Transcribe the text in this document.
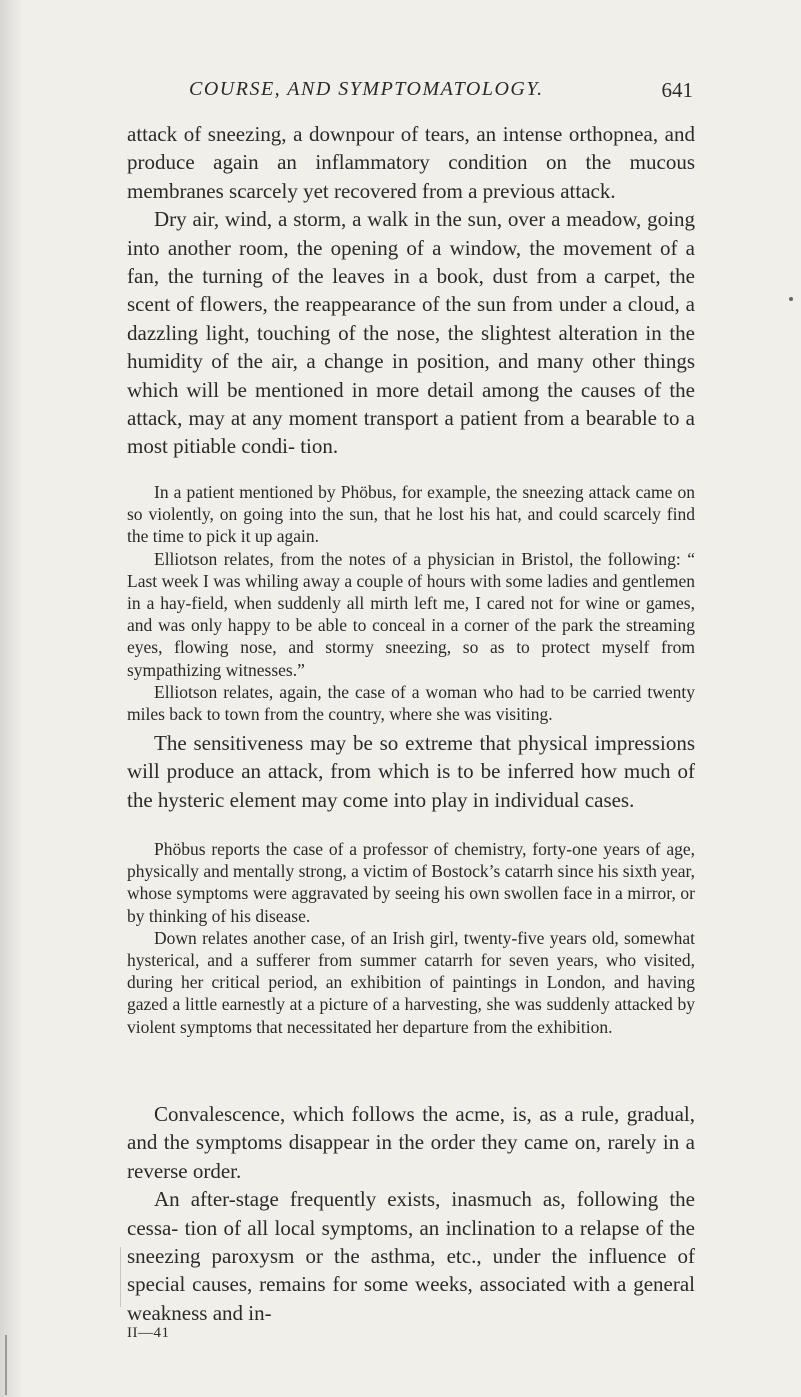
COURSE, AND SYMPTOMATOLOGY.	641

attack of sneezing, a downpour of tears, an intense orthopnea, and produce again an inflammatory condition on the mucous membranes scarcely yet recovered from a previous attack.

Dry air, wind, a storm, a walk in the sun, over a meadow, going into another room, the opening of a window, the movement of a fan, the turning of the leaves in a book, dust from a carpet, the scent of flowers, the reappearance of the sun from under a cloud, a dazzling light, touching of the nose, the slightest alteration in the humidity of the air, a change in position, and many other things which will be mentioned in more detail among the causes of the attack, may at any moment transport a patient from a bearable to a most pitiable condi- tion.

In a patient mentioned by Phöbus, for example, the sneezing attack came on so violently, on going into the sun, that he lost his hat, and could scarcely find the time to pick it up again.

Elliotson relates, from the notes of a physician in Bristol, the following: “ Last week I was whiling away a couple of hours with some ladies and gentlemen in a hay-field, when suddenly all mirth left me, I cared not for wine or games, and was only happy to be able to conceal in a corner of the park the streaming eyes, flowing nose, and stormy sneezing, so as to protect myself from sympathizing witnesses.”

Elliotson relates, again, the case of a woman who had to be carried twenty miles back to town from the country, where she was visiting.

The sensitiveness may be so extreme that physical impressions will produce an attack, from which is to be inferred how much of the hysteric element may come into play in individual cases.

Phöbus reports the case of a professor of chemistry, forty-one years of age, physically and mentally strong, a victim of Bostock’s catarrh since his sixth year, whose symptoms were aggravated by seeing his own swollen face in a mirror, or by thinking of his disease.

Down relates another case, of an Irish girl, twenty-five years old, somewhat hysterical, and a sufferer from summer catarrh for seven years, who visited, during her critical period, an exhibition of paintings in London, and having gazed a little earnestly at a picture of a harvesting, she was suddenly attacked by violent symptoms that necessitated her departure from the exhibition.

Convalescence, which follows the acme, is, as a rule, gradual, and the symptoms disappear in the order they came on, rarely in a reverse order.

An after-stage frequently exists, inasmuch as, following the cessa- tion of all local symptoms, an inclination to a relapse of the sneezing paroxysm or the asthma, etc., under the influence of special causes, remains for some weeks, associated with a general weakness and in-

II—41
